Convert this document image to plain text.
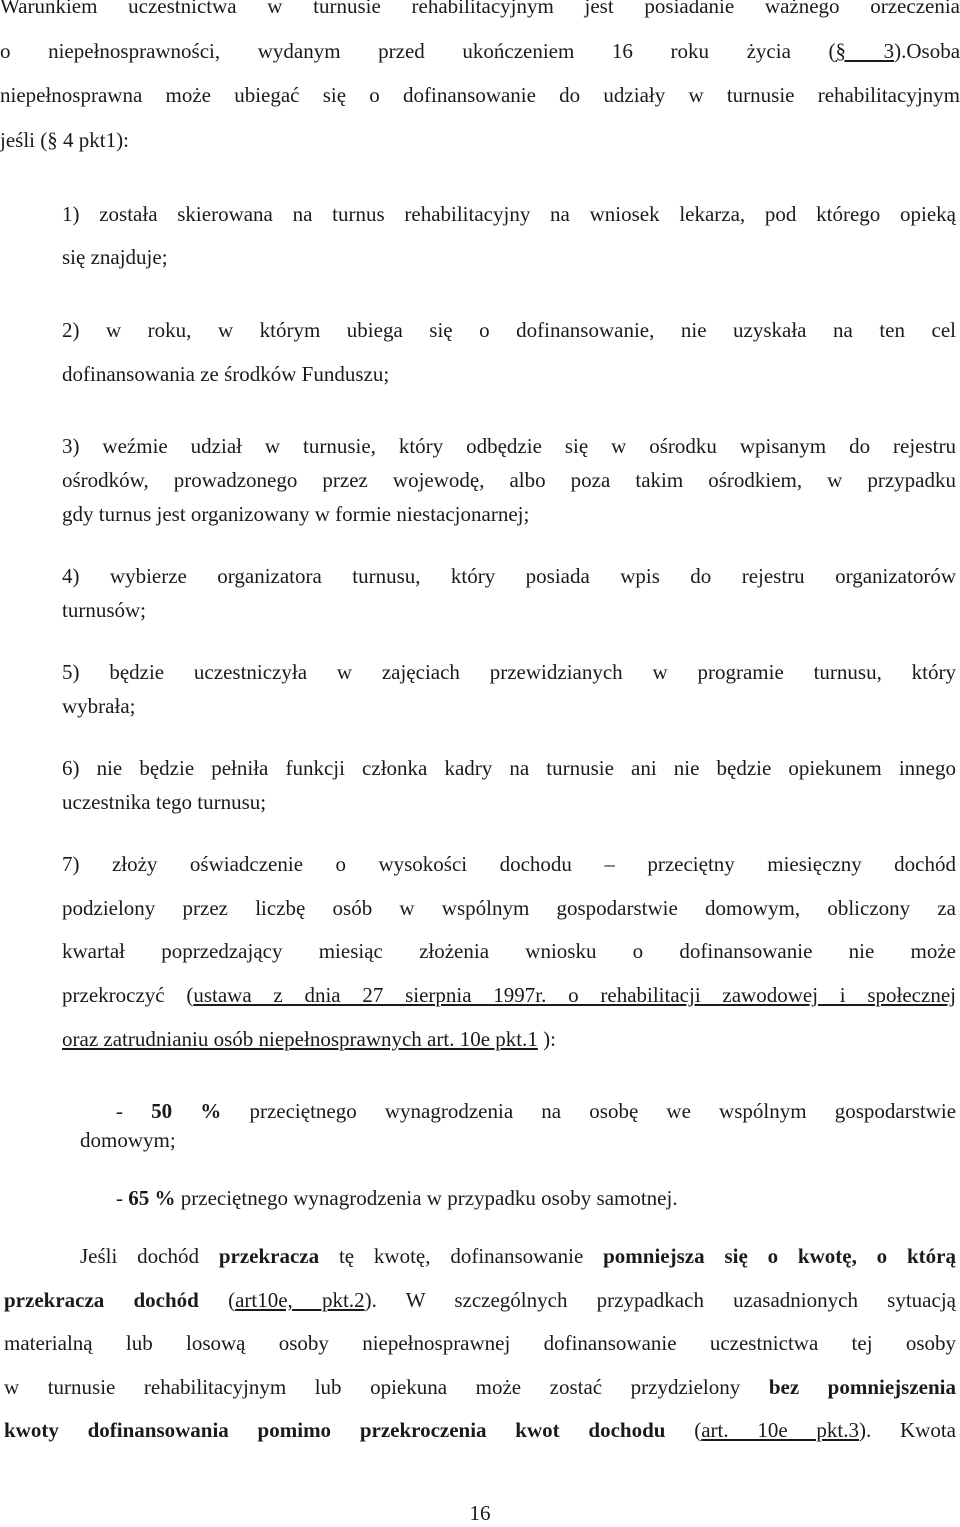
Warunkiem uczestnictwa w turnusie rehabilitacyjnym jest posiadanie ważnego orzeczenia
o niepełnosprawności, wydanym przed ukończeniem 16 roku życia (§ 3).Osoba
niepełnosprawna może ubiegać się o dofinansowanie do udziały w turnusie rehabilitacyjnym
jeśli (§ 4 pkt1):
1) została skierowana na turnus rehabilitacyjny na wniosek lekarza, pod którego opieką
się znajduje;
2) w roku, w którym ubiega się o dofinansowanie, nie uzyskała na ten cel
dofinansowania ze środków Funduszu;
3) weźmie udział w turnusie, który odbędzie się w ośrodku wpisanym do rejestru
ośrodków, prowadzonego przez wojewodę, albo poza takim ośrodkiem, w przypadku
gdy turnus jest organizowany w formie niestacjonarnej;
4) wybierze organizatora turnusu, który posiada wpis do rejestru organizatorów
turnusów;
5) będzie uczestniczyła w zajęciach przewidzianych w programie turnusu, który
wybrała;
6) nie będzie pełniła funkcji członka kadry na turnusie ani nie będzie opiekunem innego
uczestnika tego turnusu;
7) złoży oświadczenie o wysokości dochodu – przeciętny miesięczny dochód
podzielony przez liczbę osób w wspólnym gospodarstwie domowym, obliczony za
kwartał poprzedzający miesiąc złożenia wniosku o dofinansowanie nie może
przekroczyć (ustawa z dnia 27 sierpnia 1997r. o rehabilitacji zawodowej i społecznej
oraz zatrudnianiu osób niepełnosprawnych art. 10e pkt.1 ):
- 50 % przeciętnego wynagrodzenia na osobę we wspólnym gospodarstwie
domowym;
- 65 % przeciętnego wynagrodzenia w przypadku osoby samotnej.
Jeśli dochód przekracza tę kwotę, dofinansowanie pomniejsza się o kwotę, o którą
przekracza dochód (art10e, pkt.2). W szczególnych przypadkach uzasadnionych sytuacją
materialną lub losową osoby niepełnosprawnej dofinansowanie uczestnictwa tej osoby
w turnusie rehabilitacyjnym lub opiekuna może zostać przydzielony bez pomniejszenia
kwoty dofinansowania pomimo przekroczenia kwot dochodu (art. 10e pkt.3). Kwota
16
